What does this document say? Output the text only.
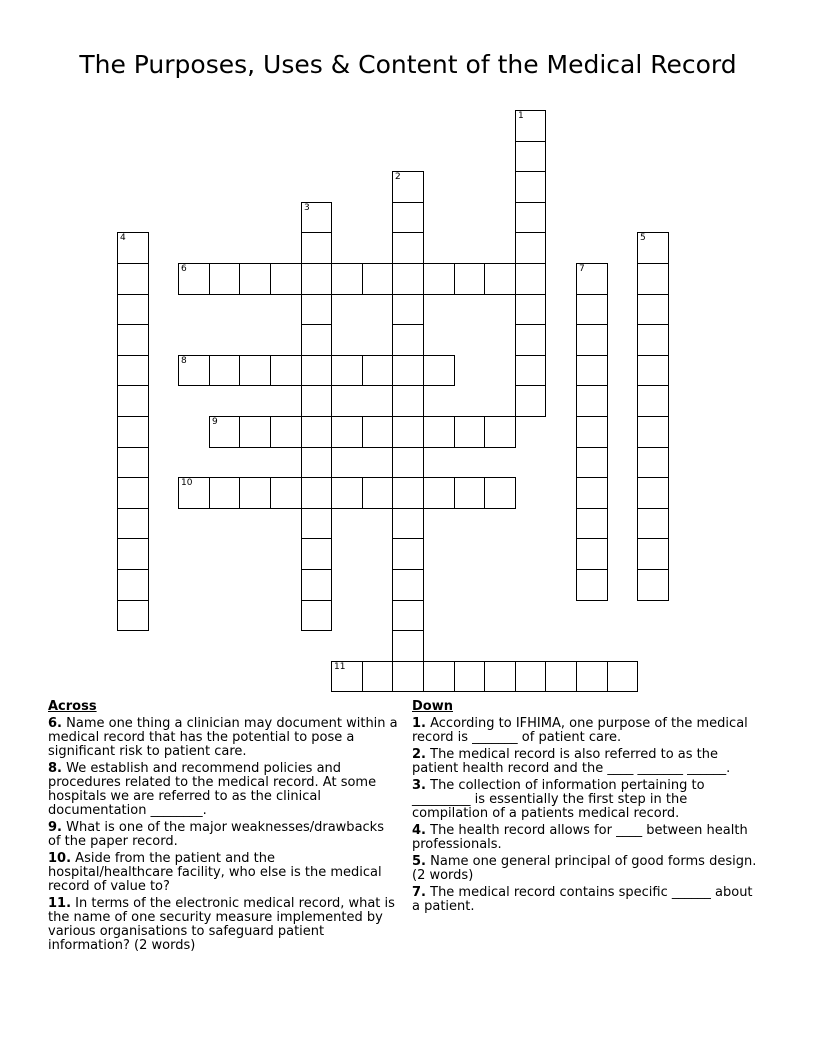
The Purposes, Uses & Content of the Medical Record
1
2
3
4	5
6	7
8
9
10
11
Across
6. Name one thing a clinician may document within a medical record that has the potential to pose a significant risk to patient care.
8. We establish and recommend policies and procedures related to the medical record. At some hospitals we are referred to as the clinical documentation ________.
9. What is one of the major weaknesses/drawbacks of the paper record.
10. Aside from the patient and the hospital/healthcare facility, who else is the medical record of value to?
11. In terms of the electronic medical record, what is the name of one security measure implemented by various organisations to safeguard patient information? (2 words)
Down
1. According to IFHIMA, one purpose of the medical record is _______ of patient care.
2. The medical record is also referred to as the patient health record and the ____ _______ ______.
3. The collection of information pertaining to _________ is essentially the first step in the compilation of a patients medical record.
4. The health record allows for ____ between health professionals.
5. Name one general principal of good forms design. (2 words)
7. The medical record contains specific ______ about a patient.
